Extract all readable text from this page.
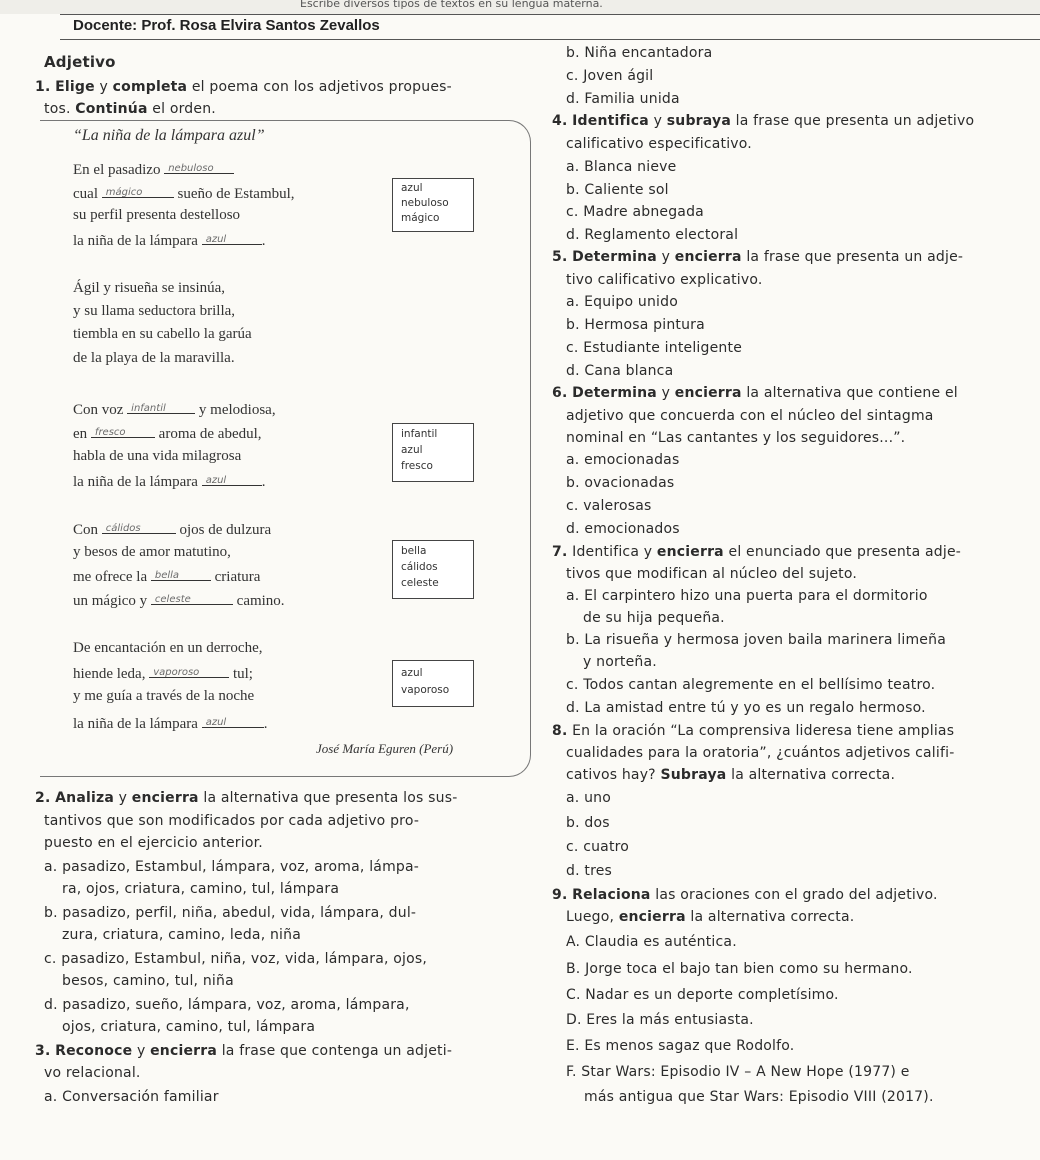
Escribe diversos tipos de textos en su lengua materna.
Docente: Prof. Rosa Elvira Santos Zevallos
Adjetivo
1. Elige y completa el poema con los adjetivos propues-
tos. Continúa el orden.
“La niña de la lámpara azul”
En el pasadizo nebuloso
cual mágico sueño de Estambul,
su perfil presenta destelloso
la niña de la lámpara azul .
azul
nebuloso
mágico
Ágil y risueña se insinúa,
y su llama seductora brilla,
tiembla en su cabello la garúa
de la playa de la maravilla.
Con voz infantil y melodiosa,
en fresco aroma de abedul,
habla de una vida milagrosa
la niña de la lámpara azul .
infantil
azul
fresco
Con cálidos	ojos de dulzura
y besos de amor matutino,
me ofrece la bella criatura
un mágico y celeste	camino.
bella
cálidos
celeste
De encantación en un derroche,
hiende leda, vaporoso tul;
y me guía a través de la noche
la niña de la lámpara azul	.
azul
vaporoso
José María Eguren (Perú)
2. Analiza y encierra la alternativa que presenta los sus-
tantivos que son modificados por cada adjetivo pro-
puesto en el ejercicio anterior.
a. pasadizo, Estambul, lámpara, voz, aroma, lámpa-
ra, ojos, criatura, camino, tul, lámpara
b. pasadizo, perfil, niña, abedul, vida, lámpara, dul-
zura, criatura, camino, leda, niña
c. pasadizo, Estambul, niña, voz, vida, lámpara, ojos,
besos, camino, tul, niña
d. pasadizo, sueño, lámpara, voz, aroma, lámpara,
ojos, criatura, camino, tul, lámpara
3. Reconoce y encierra la frase que contenga un adjeti-
vo relacional.
a. Conversación familiar
b. Niña encantadora
c. Joven ágil
d. Familia unida
4. Identifica y subraya la frase que presenta un adjetivo
calificativo especificativo.
a. Blanca nieve
b. Caliente sol
c. Madre abnegada
d. Reglamento electoral
5. Determina y encierra la frase que presenta un adje-
tivo calificativo explicativo.
a. Equipo unido
b. Hermosa pintura
c. Estudiante inteligente
d. Cana blanca
6. Determina y encierra la alternativa que contiene el
adjetivo que concuerda con el núcleo del sintagma
nominal en “Las cantantes y los seguidores...”.
a. emocionadas
b. ovacionadas
c. valerosas
d. emocionados
7. Identifica y encierra el enunciado que presenta adje-
tivos que modifican al núcleo del sujeto.
a. El carpintero hizo una puerta para el dormitorio
de su hija pequeña.
b. La risueña y hermosa joven baila marinera limeña
y norteña.
c. Todos cantan alegremente en el bellísimo teatro.
d. La amistad entre tú y yo es un regalo hermoso.
8. En la oración “La comprensiva lideresa tiene amplias
cualidades para la oratoria”, ¿cuántos adjetivos califi-
cativos hay? Subraya la alternativa correcta.
a. uno
b. dos
c. cuatro
d. tres
9. Relaciona las oraciones con el grado del adjetivo.
Luego, encierra la alternativa correcta.
A. Claudia es auténtica.
B. Jorge toca el bajo tan bien como su hermano.
C. Nadar es un deporte completísimo.
D. Eres la más entusiasta.
E. Es menos sagaz que Rodolfo.
F. Star Wars: Episodio IV – A New Hope (1977) e
más antigua que Star Wars: Episodio VIII (2017).
